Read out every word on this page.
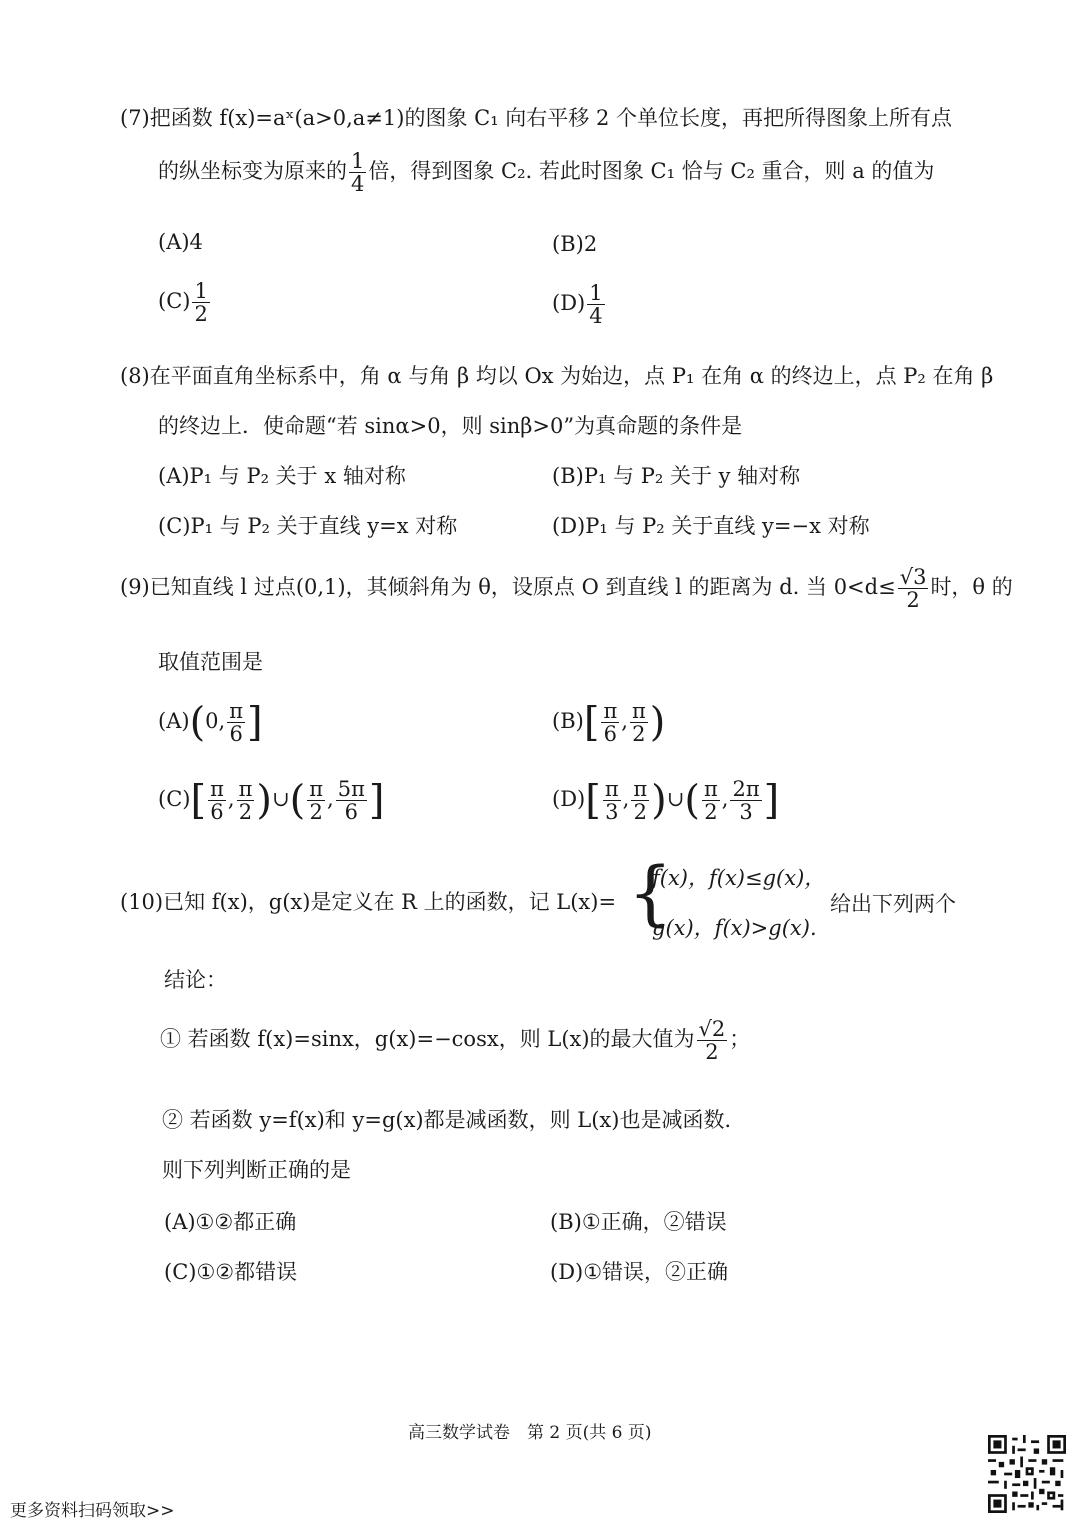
(7)把函数 f(x)=aˣ(a>0,a≠1)的图象 C₁ 向右平移 2 个单位长度，再把所得图象上所有点
的纵坐标变为原来的 $\frac{1}{4}$ 倍，得到图象 C₂. 若此时图象 C₁ 恰与 C₂ 重合，则 a 的值为
(A)4	(B)2
$(C) \frac{1}{2}$	$(D) \frac{1}{4}$
(8)在平面直角坐标系中，角 α 与角 β 均以 Ox 为始边，点 P₁ 在角 α 的终边上，点 P₂ 在角 β
的终边上．使命题“若 sinα>0，则 sinβ>0”为真命题的条件是
(A)P₁ 与 P₂ 关于 x 轴对称	(B)P₁ 与 P₂ 关于 y 轴对称
(C)P₁ 与 P₂ 关于直线 y=x 对称	(D)P₁ 与 P₂ 关于直线 y=−x 对称
(9)已知直线 l 过点(0,1)，其倾斜角为 θ，设原点 O 到直线 l 的距离为 d. 当 $0<d\le \frac{√3}{2}$ 时，θ 的
取值范围是
(A)(0, $\frac{\pi}{6}$ ]	$(B)[ \frac{\pi}{6}$ , $\frac{\pi}{2}$ )
$(C)[ \frac{\pi}{6}$ , $\frac{\pi}{2}$ )∪( $\frac{\pi}{2}$ , $\frac{5\pi}{6}$ ]	$(D)[ \frac{\pi}{3}$ , $\frac{\pi}{2}$ )∪( $\frac{\pi}{2}$ , $\frac{2\pi}{3}$ ]
(10)已知 f(x)，g(x)是定义在 R 上的函数，记 L(x)= {
f(x)，f(x)≤g(x)，
g(x)，f(x)>g(x).
给出下列两个
结论：
① 若函数 f(x)=sinx，g(x)=−cosx，则 L(x)的最大值为 $\frac{√2}{2}$ ；
② 若函数 y=f(x)和 y=g(x)都是减函数，则 L(x)也是减函数．
则下列判断正确的是
(A)①②都正确	(B)①正确，②错误
(C)①②都错误	(D)①错误，②正确
高三数学试卷　第 2 页(共 6 页)
更多资料扫码领取>>
